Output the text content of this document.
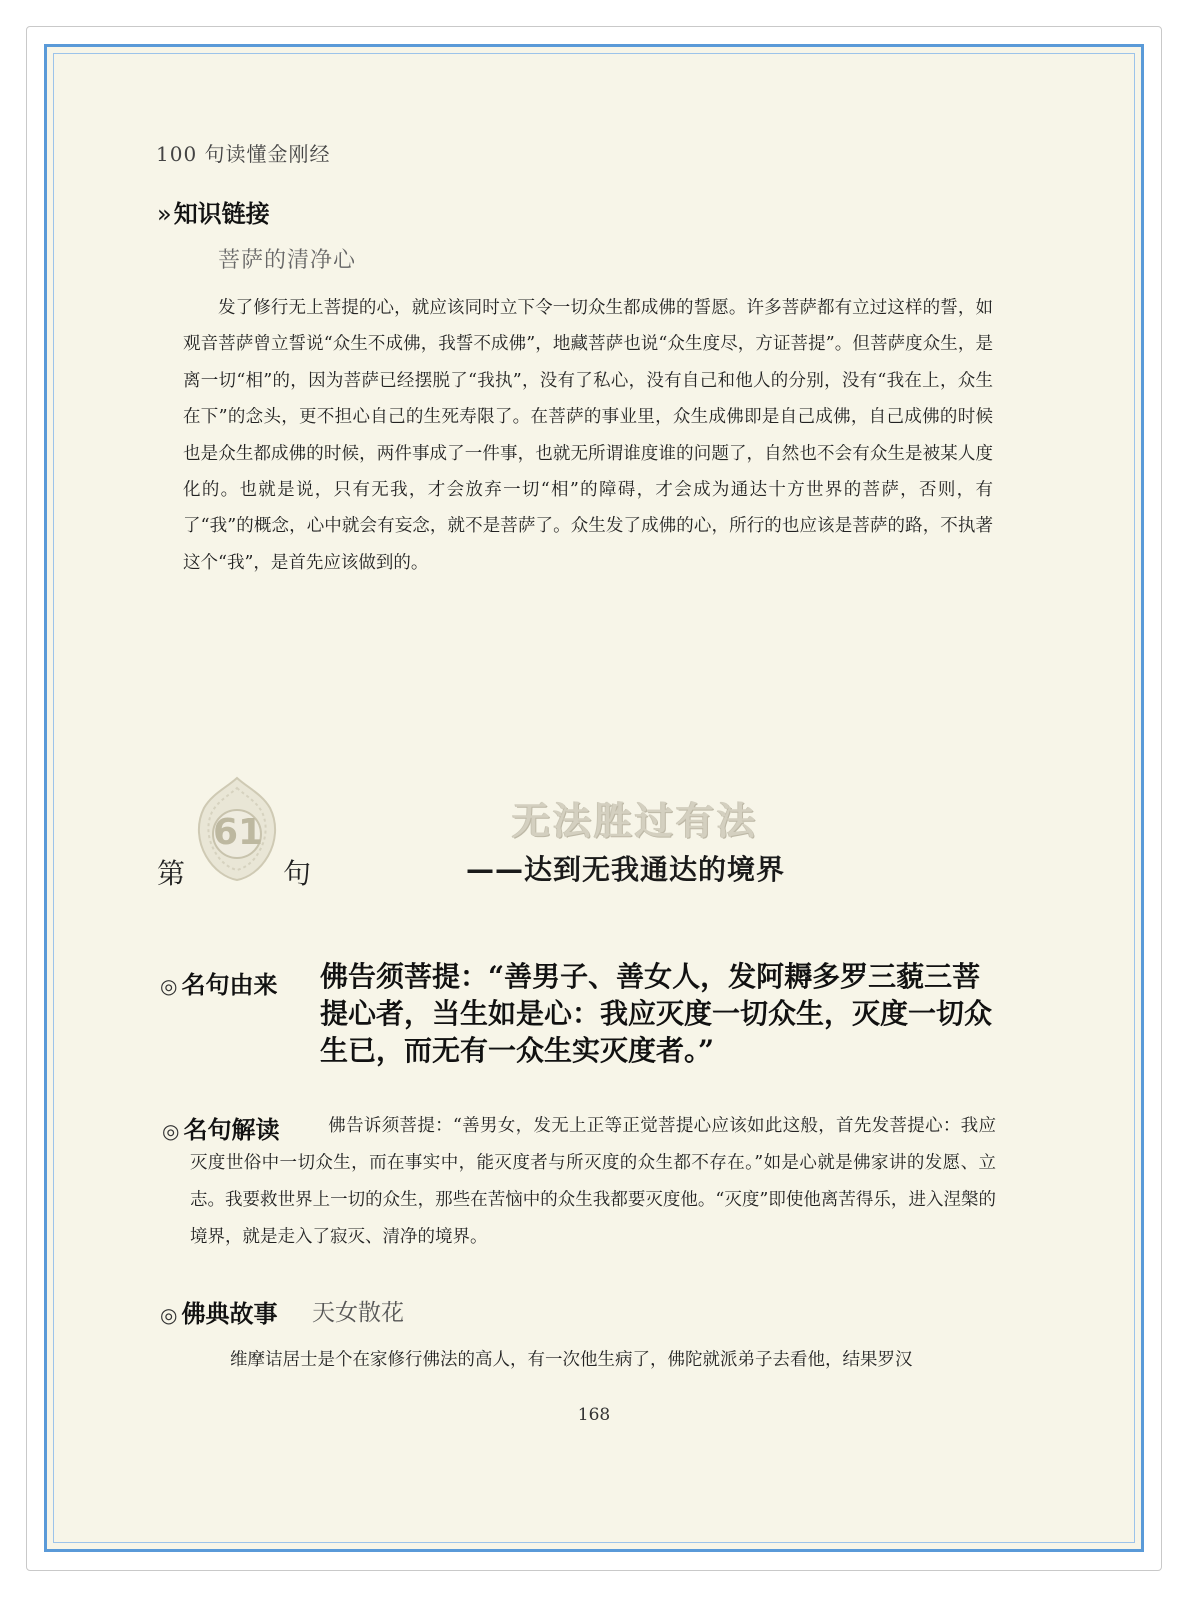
100 句读懂金刚经
»知识链接
菩萨的清净心
发了修行无上菩提的心，就应该同时立下令一切众生都成佛的誓愿。许多菩萨都有立过这样的誓，如观音菩萨曾立誓说“众生不成佛，我誓不成佛”，地藏菩萨也说“众生度尽，方证菩提”。但菩萨度众生，是离一切“相”的，因为菩萨已经摆脱了“我执”，没有了私心，没有自己和他人的分别，没有“我在上，众生在下”的念头，更不担心自己的生死寿限了。在菩萨的事业里，众生成佛即是自己成佛，自己成佛的时候也是众生都成佛的时候，两件事成了一件事，也就无所谓谁度谁的问题了，自然也不会有众生是被某人度化的。也就是说，只有无我，才会放弃一切“相”的障碍，才会成为通达十方世界的菩萨，否则，有了“我”的概念，心中就会有妄念，就不是菩萨了。众生发了成佛的心，所行的也应该是菩萨的路，不执著这个“我”，是首先应该做到的。
61
第	句
无法胜过有法
——达到无我通达的境界
◎ 名句由来 佛告须菩提：“善男子、善女人，发阿耨多罗三藐三菩提心者，当生如是心：我应灭度一切众生，灭度一切众生已，而无有一众生实灭度者。”
◎ 名句解读	佛告诉须菩提：“善男女，发无上正等正觉菩提心应该如此这般，首先发菩提心：我应灭度世俗中一切众生，而在事实中，能灭度者与所灭度的众生都不存在。”如是心就是佛家讲的发愿、立志。我要救世界上一切的众生，那些在苦恼中的众生我都要灭度他。“灭度”即使他离苦得乐，进入涅槃的境界，就是走入了寂灭、清净的境界。
◎ 佛典故事 天女散花
维摩诘居士是个在家修行佛法的高人，有一次他生病了，佛陀就派弟子去看他，结果罗汉
168
